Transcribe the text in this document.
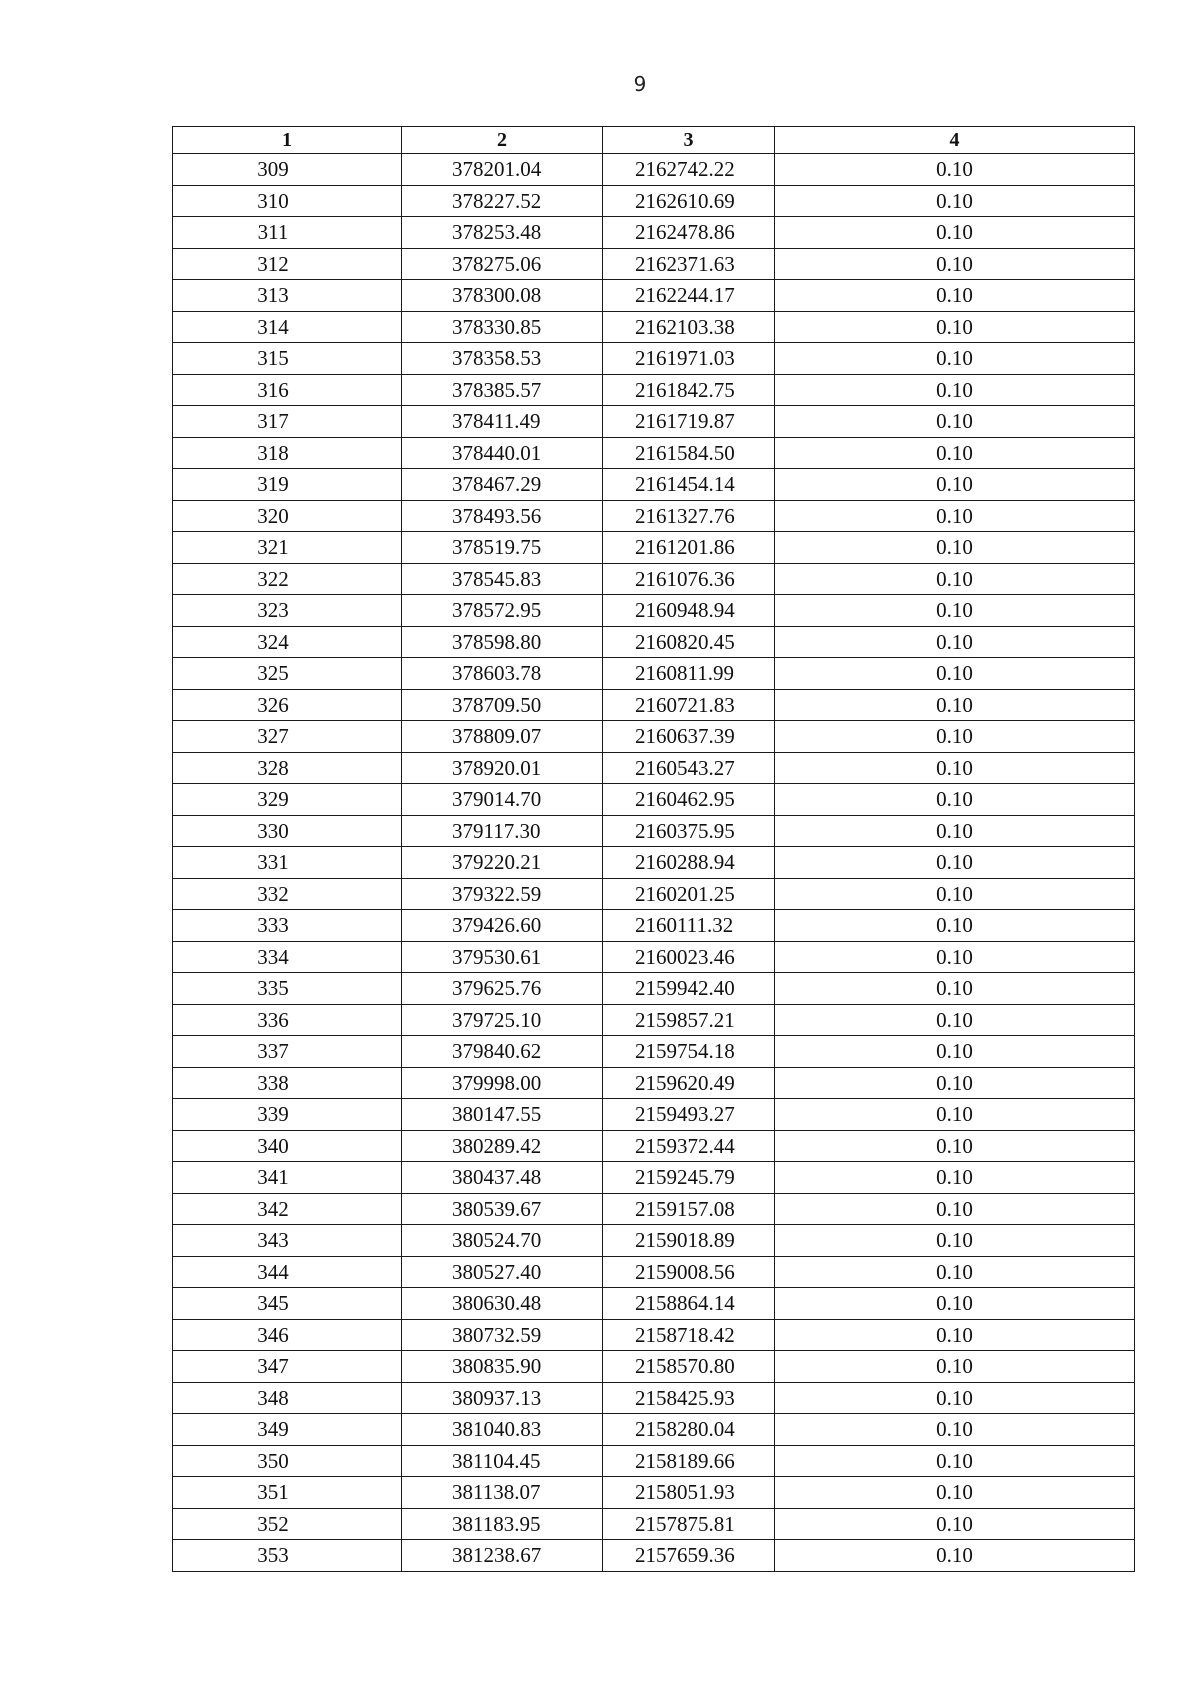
9
1	2	3	4
309	378201.04	2162742.22	0.10
310	378227.52	2162610.69	0.10
311	378253.48	2162478.86	0.10
312	378275.06	2162371.63	0.10
313	378300.08	2162244.17	0.10
314	378330.85	2162103.38	0.10
315	378358.53	2161971.03	0.10
316	378385.57	2161842.75	0.10
317	378411.49	2161719.87	0.10
318	378440.01	2161584.50	0.10
319	378467.29	2161454.14	0.10
320	378493.56	2161327.76	0.10
321	378519.75	2161201.86	0.10
322	378545.83	2161076.36	0.10
323	378572.95	2160948.94	0.10
324	378598.80	2160820.45	0.10
325	378603.78	2160811.99	0.10
326	378709.50	2160721.83	0.10
327	378809.07	2160637.39	0.10
328	378920.01	2160543.27	0.10
329	379014.70	2160462.95	0.10
330	379117.30	2160375.95	0.10
331	379220.21	2160288.94	0.10
332	379322.59	2160201.25	0.10
333	379426.60	2160111.32	0.10
334	379530.61	2160023.46	0.10
335	379625.76	2159942.40	0.10
336	379725.10	2159857.21	0.10
337	379840.62	2159754.18	0.10
338	379998.00	2159620.49	0.10
339	380147.55	2159493.27	0.10
340	380289.42	2159372.44	0.10
341	380437.48	2159245.79	0.10
342	380539.67	2159157.08	0.10
343	380524.70	2159018.89	0.10
344	380527.40	2159008.56	0.10
345	380630.48	2158864.14	0.10
346	380732.59	2158718.42	0.10
347	380835.90	2158570.80	0.10
348	380937.13	2158425.93	0.10
349	381040.83	2158280.04	0.10
350	381104.45	2158189.66	0.10
351	381138.07	2158051.93	0.10
352	381183.95	2157875.81	0.10
353	381238.67	2157659.36	0.10
